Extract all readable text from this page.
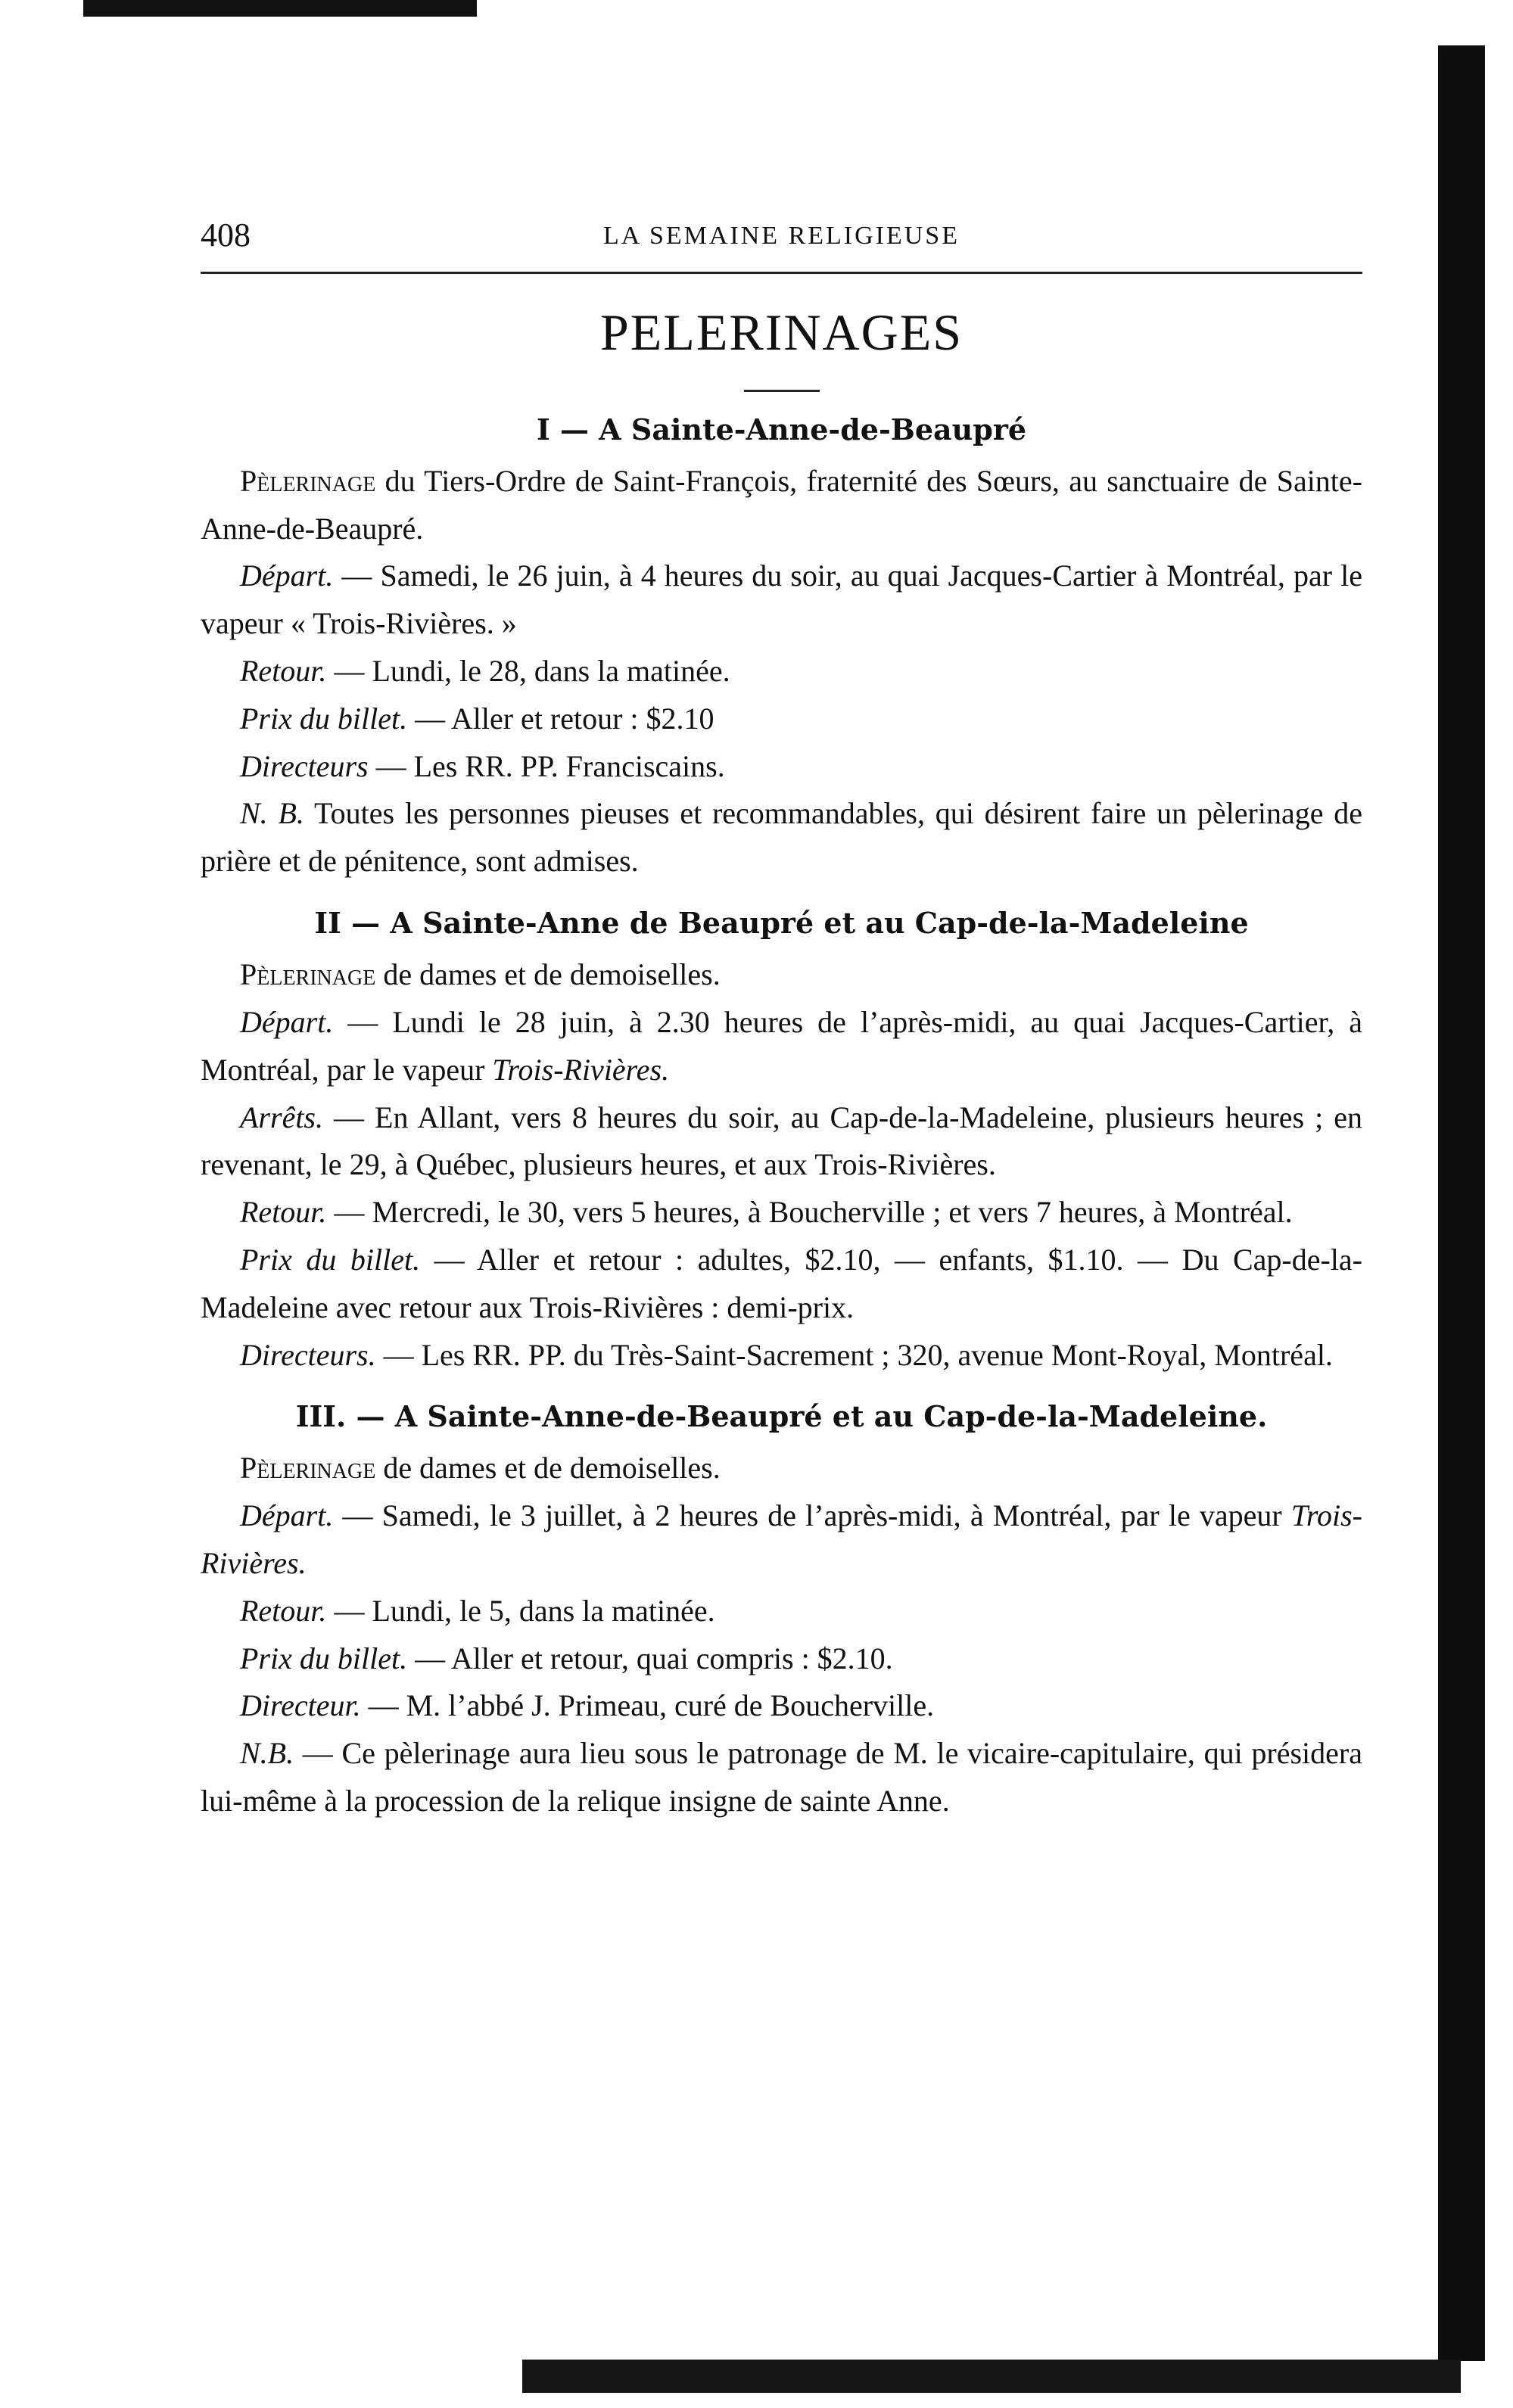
408	LA SEMAINE RELIGIEUSE
PELERINAGES
I — A Sainte-Anne-de-Beaupré

Pèlerinage du Tiers-Ordre de Saint-François, fraternité des Sœurs, au sanctuaire de Sainte-Anne-de-Beaupré.

Départ. — Samedi, le 26 juin, à 4 heures du soir, au quai Jacques-Cartier à Montréal, par le vapeur « Trois-Rivières. »

Retour. — Lundi, le 28, dans la matinée.

Prix du billet. — Aller et retour : $2.10

Directeurs — Les RR. PP. Franciscains.

N. B. Toutes les personnes pieuses et recommandables, qui désirent faire un pèlerinage de prière et de pénitence, sont admises.

II — A Sainte-Anne de Beaupré et au Cap-de-la-Madeleine

Pèlerinage de dames et de demoiselles.

Départ. — Lundi le 28 juin, à 2.30 heures de l’après-midi, au quai Jacques-Cartier, à Montréal, par le vapeur Trois-Rivières.

Arrêts. — En Allant, vers 8 heures du soir, au Cap-de-la-Madeleine, plusieurs heures ; en revenant, le 29, à Québec, plusieurs heures, et aux Trois-Rivières.

Retour. — Mercredi, le 30, vers 5 heures, à Boucherville ; et vers 7 heures, à Montréal.

Prix du billet. — Aller et retour : adultes, $2.10, — enfants, $1.10. — Du Cap-de-la-Madeleine avec retour aux Trois-Rivières : demi-prix.

Directeurs. — Les RR. PP. du Très-Saint-Sacrement ; 320, avenue Mont-Royal, Montréal.

III. — A Sainte-Anne-de-Beaupré et au Cap-de-la-Madeleine.

Pèlerinage de dames et de demoiselles.

Départ. — Samedi, le 3 juillet, à 2 heures de l’après-midi, à Montréal, par le vapeur Trois-Rivières.

Retour. — Lundi, le 5, dans la matinée.

Prix du billet. — Aller et retour, quai compris : $2.10.

Directeur. — M. l’abbé J. Primeau, curé de Boucherville.

N.B. — Ce pèlerinage aura lieu sous le patronage de M. le vicaire-capitulaire, qui présidera lui-même à la procession de la relique insigne de sainte Anne.
